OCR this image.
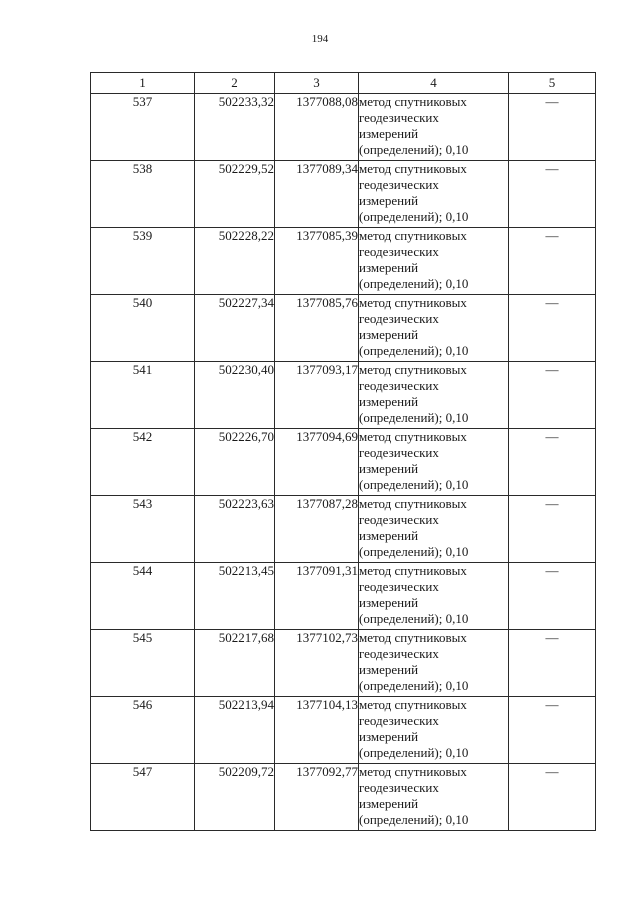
194
1	2	3	4	5
537	502233,32	1377088,08	метод спутниковых
геодезических
измерений
(определений); 0,10	—
538	502229,52	1377089,34	метод спутниковых
геодезических
измерений
(определений); 0,10	—
539	502228,22	1377085,39	метод спутниковых
геодезических
измерений
(определений); 0,10	—
540	502227,34	1377085,76	метод спутниковых
геодезических
измерений
(определений); 0,10	—
541	502230,40	1377093,17	метод спутниковых
геодезических
измерений
(определений); 0,10	—
542	502226,70	1377094,69	метод спутниковых
геодезических
измерений
(определений); 0,10	—
543	502223,63	1377087,28	метод спутниковых
геодезических
измерений
(определений); 0,10	—
544	502213,45	1377091,31	метод спутниковых
геодезических
измерений
(определений); 0,10	—
545	502217,68	1377102,73	метод спутниковых
геодезических
измерений
(определений); 0,10	—
546	502213,94	1377104,13	метод спутниковых
геодезических
измерений
(определений); 0,10	—
547	502209,72	1377092,77	метод спутниковых
геодезических
измерений
(определений); 0,10	—
